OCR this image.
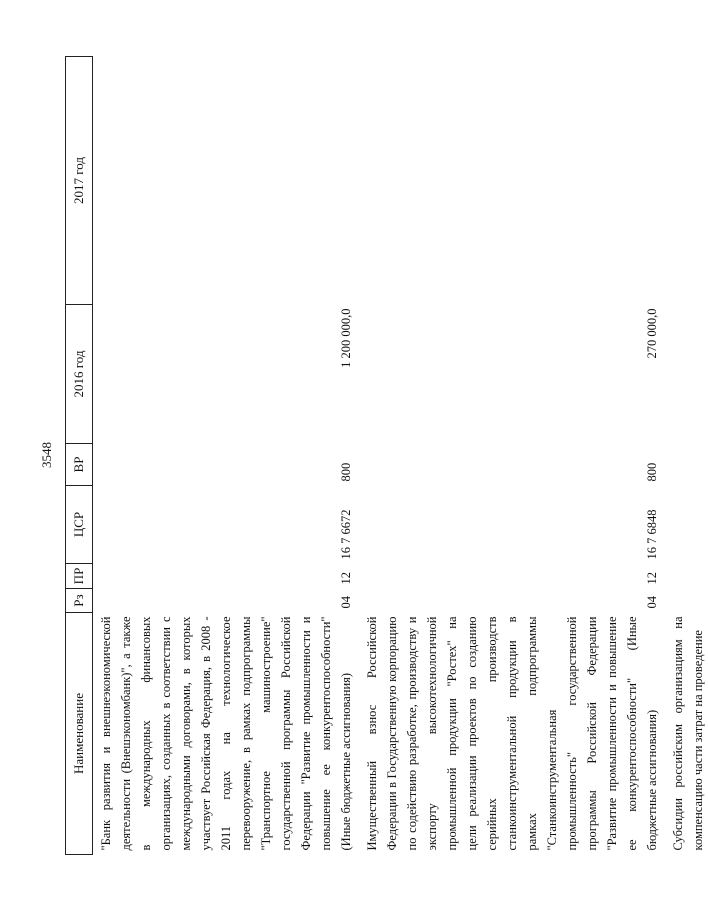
3548
Наименование	Рз	ПР	ЦСР	ВР	2016 год	2017 год
"Банк развития и внешнеэкономической деятельности (Внешэкономбанк)", а также в международных финансовых организациях, созданных в соответствии с международными договорами, в которых участвует Российская Федерация, в 2008 - 2011 годах на технологическое перевооружение, в рамках подпрограммы "Транспортное машиностроение" государственной программы Российской Федерации "Развитие промышленности и повышение ее конкурентоспособности" (Иные бюджетные ассигнования)	04	12	16 7 6672	800	1 200 000,0	

Имущественный взнос Российской Федерации в Государственную корпорацию по содействию разработке, производству и экспорту высокотехнологичной промышленной продукции "Ростех" на цели реализации проектов по созданию серийных производств станкоинструментальной продукции в рамках подпрограммы "Станкоинструментальная промышленность" государственной программы Российской Федерации "Развитие промышленности и повышение ее конкурентоспособности" (Иные бюджетные ассигнования)	04	12	16 7 6848	800	270 000,0	

Субсидии российским организациям на компенсацию части затрат на проведение						
